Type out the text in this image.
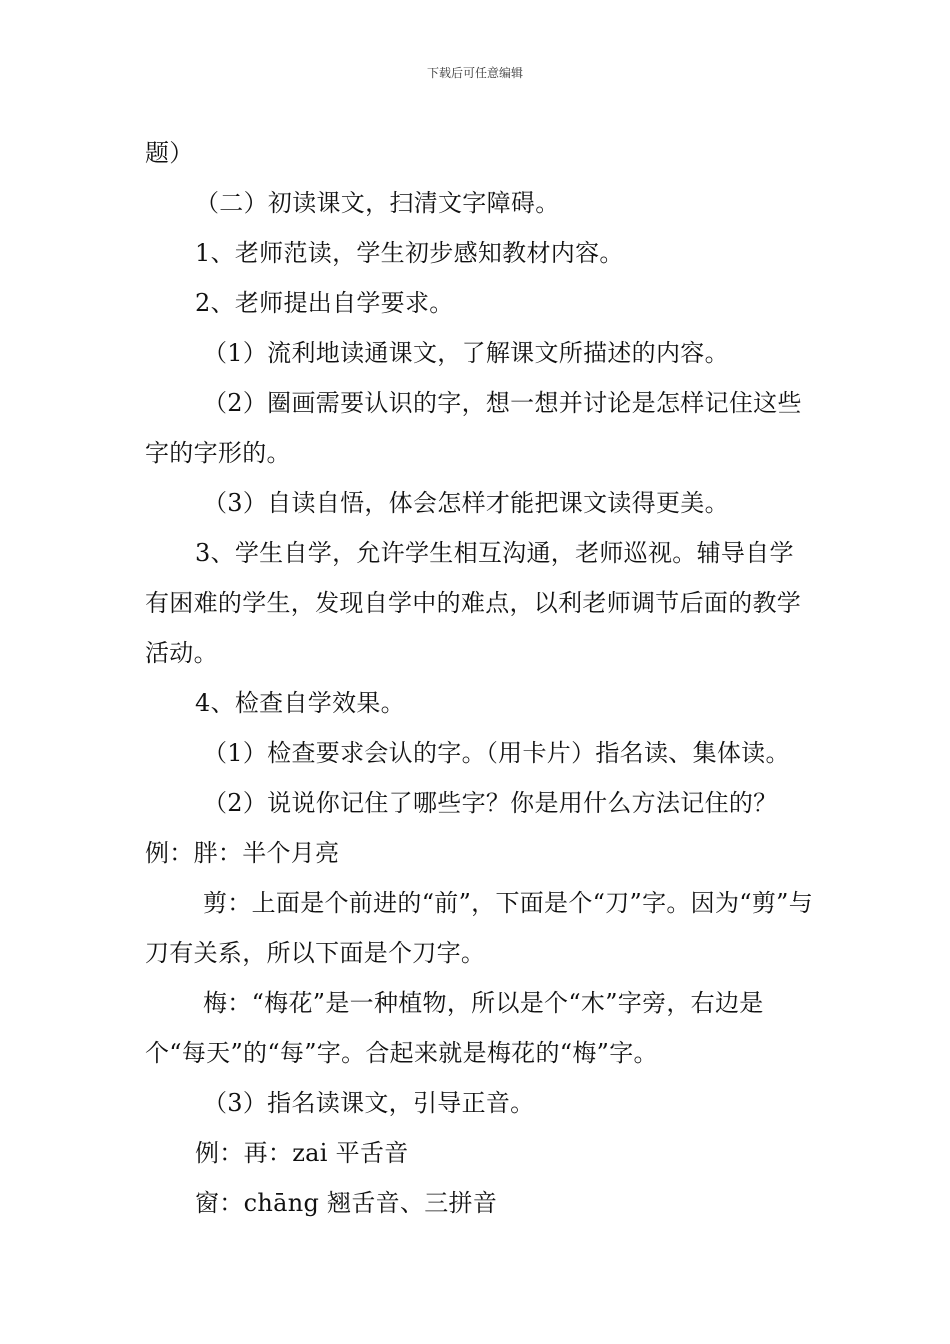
下载后可任意编辑

题）

（二）初读课文，扫清文字障碍。

1、老师范读，学生初步感知教材内容。

2、老师提出自学要求。

（1）流利地读通课文，了解课文所描述的内容。

（2）圈画需要认识的字，想一想并讨论是怎样记住这些字的字形的。

（3）自读自悟，体会怎样才能把课文读得更美。

3、学生自学，允许学生相互沟通，老师巡视。辅导自学有困难的学生，发现自学中的难点，以利老师调节后面的教学活动。

4、检查自学效果。

（1）检查要求会认的字。（用卡片）指名读、集体读。

（2）说说你记住了哪些字？你是用什么方法记住的？

例：胖：半个月亮

剪：上面是个前进的“前”，下面是个“刀”字。因为“剪”与刀有关系，所以下面是个刀字。

梅：“梅花”是一种植物，所以是个“木”字旁，右边是个“每天”的“每”字。合起来就是梅花的“梅”字。

（3）指名读课文，引导正音。

例：再：zai 平舌音

窗：chāng 翘舌音、三拼音
